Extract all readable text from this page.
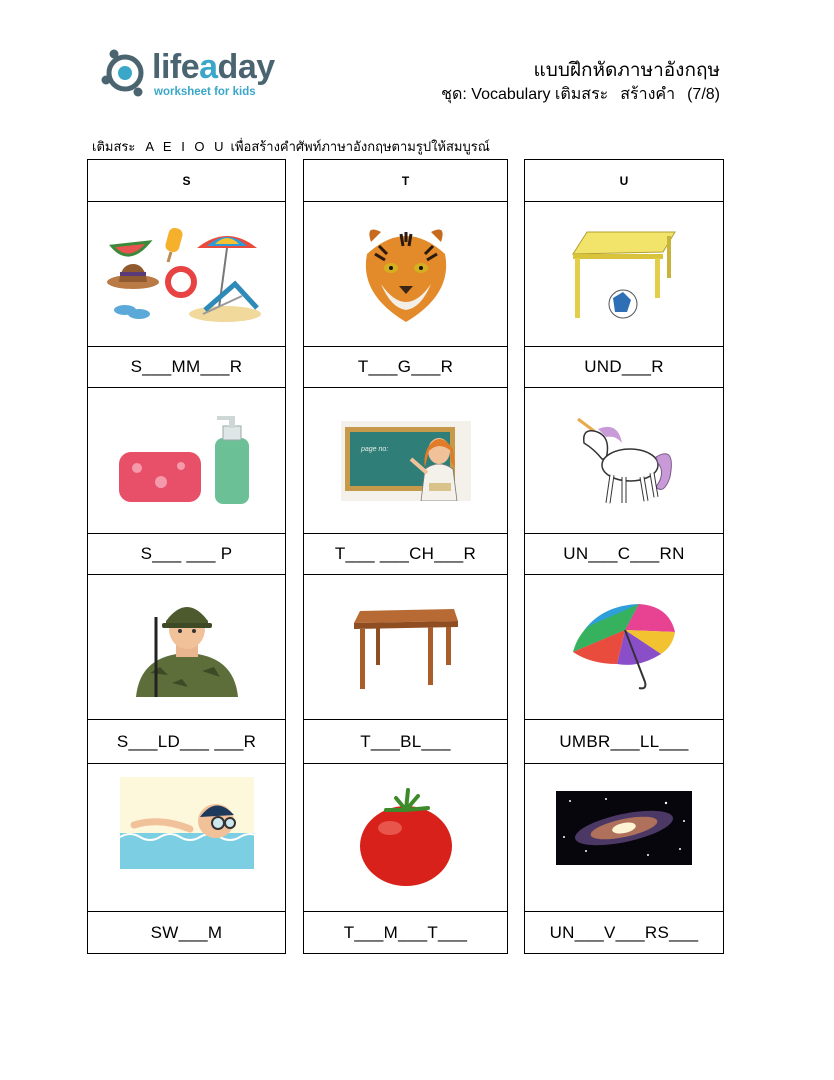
lifeaday
worksheet for kids
แบบฝึกหัดภาษาอังกฤษ
ชุด: Vocabulary เติมสระ สร้างคำ (7/8)
เติมสระ A E I O U เพื่อสร้างคำศัพท์ภาษาอังกฤษตามรูปให้สมบูรณ์
S
S___MM___R
S___ ___ P
S___LD___ ___R
SW___M
T
T___G___R
page no:
T___ ___CH___R
T___BL___
T___M___T___
U
UND___R
UN___C___RN
UMBR___LL___
UN___V___RS___
